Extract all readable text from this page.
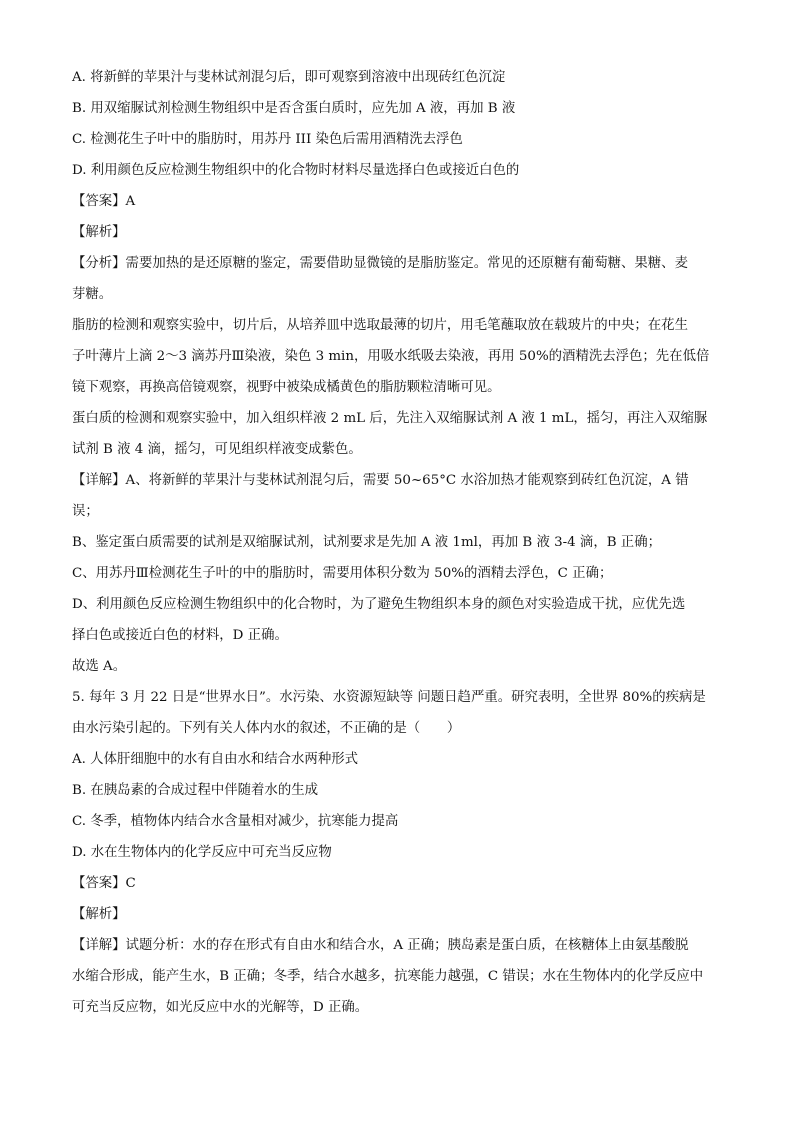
A. 将新鲜的苹果汁与斐林试剂混匀后，即可观察到溶液中出现砖红色沉淀
B. 用双缩脲试剂检测生物组织中是否含蛋白质时，应先加 A 液，再加 B 液
C. 检测花生子叶中的脂肪时，用苏丹 III 染色后需用酒精洗去浮色
D. 利用颜色反应检测生物组织中的化合物时材料尽量选择白色或接近白色的
【答案】A
【解析】
【分析】需要加热的是还原糖的鉴定，需要借助显微镜的是脂肪鉴定。常见的还原糖有葡萄糖、果糖、麦
芽糖。
脂肪的检测和观察实验中，切片后，从培养皿中选取最薄的切片，用毛笔蘸取放在载玻片的中央；在花生
子叶薄片上滴 2～3 滴苏丹Ⅲ染液，染色 3 min，用吸水纸吸去染液，再用 50%的酒精洗去浮色；先在低倍
镜下观察，再换高倍镜观察，视野中被染成橘黄色的脂肪颗粒清晰可见。
蛋白质的检测和观察实验中，加入组织样液 2 mL 后，先注入双缩脲试剂 A 液 1 mL，摇匀，再注入双缩脲
试剂 B 液 4 滴，摇匀，可见组织样液变成紫色。
【详解】A、将新鲜的苹果汁与斐林试剂混匀后，需要 50~65°C 水浴加热才能观察到砖红色沉淀，A 错
误；
B、鉴定蛋白质需要的试剂是双缩脲试剂，试剂要求是先加 A 液 1ml，再加 B 液 3-4 滴，B 正确；
C、用苏丹Ⅲ检测花生子叶的中的脂肪时，需要用体积分数为 50%的酒精去浮色，C 正确；
D、利用颜色反应检测生物组织中的化合物时，为了避免生物组织本身的颜色对实验造成干扰，应优先选
择白色或接近白色的材料，D 正确。
故选 A。
5. 每年 3 月 22 日是“世界水日”。水污染、水资源短缺等 问题日趋严重。研究表明，全世界 80%的疾病是
由水污染引起的。下列有关人体内水的叙述，不正确的是（　　）
A. 人体肝细胞中的水有自由水和结合水两种形式
B. 在胰岛素的合成过程中伴随着水的生成
C. 冬季，植物体内结合水含量相对减少，抗寒能力提高
D. 水在生物体内的化学反应中可充当反应物
【答案】C
【解析】
【详解】试题分析：水的存在形式有自由水和结合水，A 正确；胰岛素是蛋白质，在核糖体上由氨基酸脱
水缩合形成，能产生水，B 正确；冬季，结合水越多，抗寒能力越强，C 错误；水在生物体内的化学反应中
可充当反应物，如光反应中水的光解等，D 正确。
